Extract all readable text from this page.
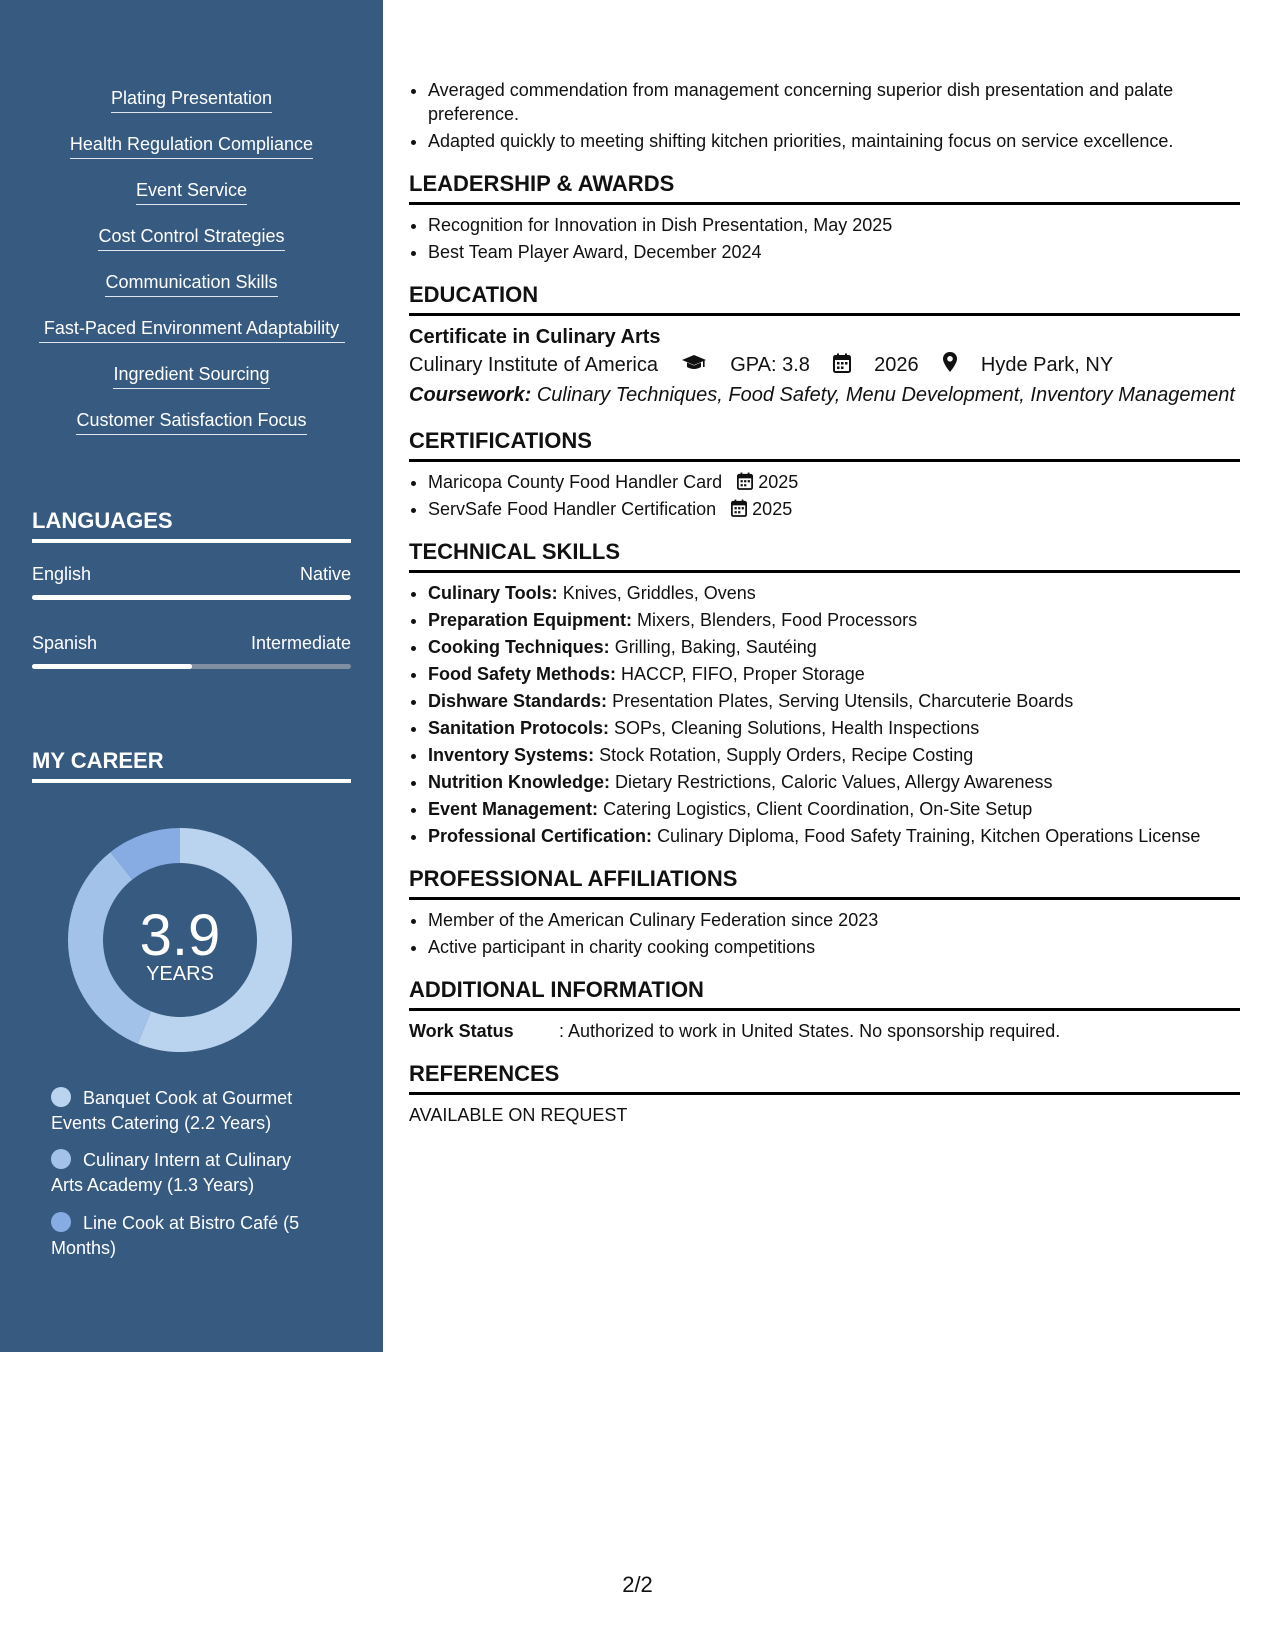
Plating Presentation
Health Regulation Compliance
Event Service
Cost Control Strategies
Communication Skills
Fast-Paced Environment Adaptability
Ingredient Sourcing
Customer Satisfaction Focus
LANGUAGES
English	Native
Spanish	Intermediate
MY CAREER
3.9
YEARS
Banquet Cook at Gourmet Events Catering (2.2 Years)
Culinary Intern at Culinary Arts Academy (1.3 Years)
Line Cook at Bistro Café (5 Months)
• Averaged commendation from management concerning superior dish presentation and palate preference.
• Adapted quickly to meeting shifting kitchen priorities, maintaining focus on service excellence.
LEADERSHIP & AWARDS
• Recognition for Innovation in Dish Presentation, May 2025
• Best Team Player Award, December 2024
EDUCATION
Certificate in Culinary Arts
Culinary Institute of America	GPA: 3.8	2026	Hyde Park, NY
Coursework: Culinary Techniques, Food Safety, Menu Development, Inventory Management
CERTIFICATIONS
• Maricopa County Food Handler Card 2025
• ServSafe Food Handler Certification 2025
TECHNICAL SKILLS
• Culinary Tools: Knives, Griddles, Ovens
• Preparation Equipment: Mixers, Blenders, Food Processors
• Cooking Techniques: Grilling, Baking, Sautéing
• Food Safety Methods: HACCP, FIFO, Proper Storage
• Dishware Standards: Presentation Plates, Serving Utensils, Charcuterie Boards
• Sanitation Protocols: SOPs, Cleaning Solutions, Health Inspections
• Inventory Systems: Stock Rotation, Supply Orders, Recipe Costing
• Nutrition Knowledge: Dietary Restrictions, Caloric Values, Allergy Awareness
• Event Management: Catering Logistics, Client Coordination, On-Site Setup
• Professional Certification: Culinary Diploma, Food Safety Training, Kitchen Operations License
PROFESSIONAL AFFILIATIONS
• Member of the American Culinary Federation since 2023
• Active participant in charity cooking competitions
ADDITIONAL INFORMATION
Work Status	: Authorized to work in United States. No sponsorship required.
REFERENCES
AVAILABLE ON REQUEST
2/2
